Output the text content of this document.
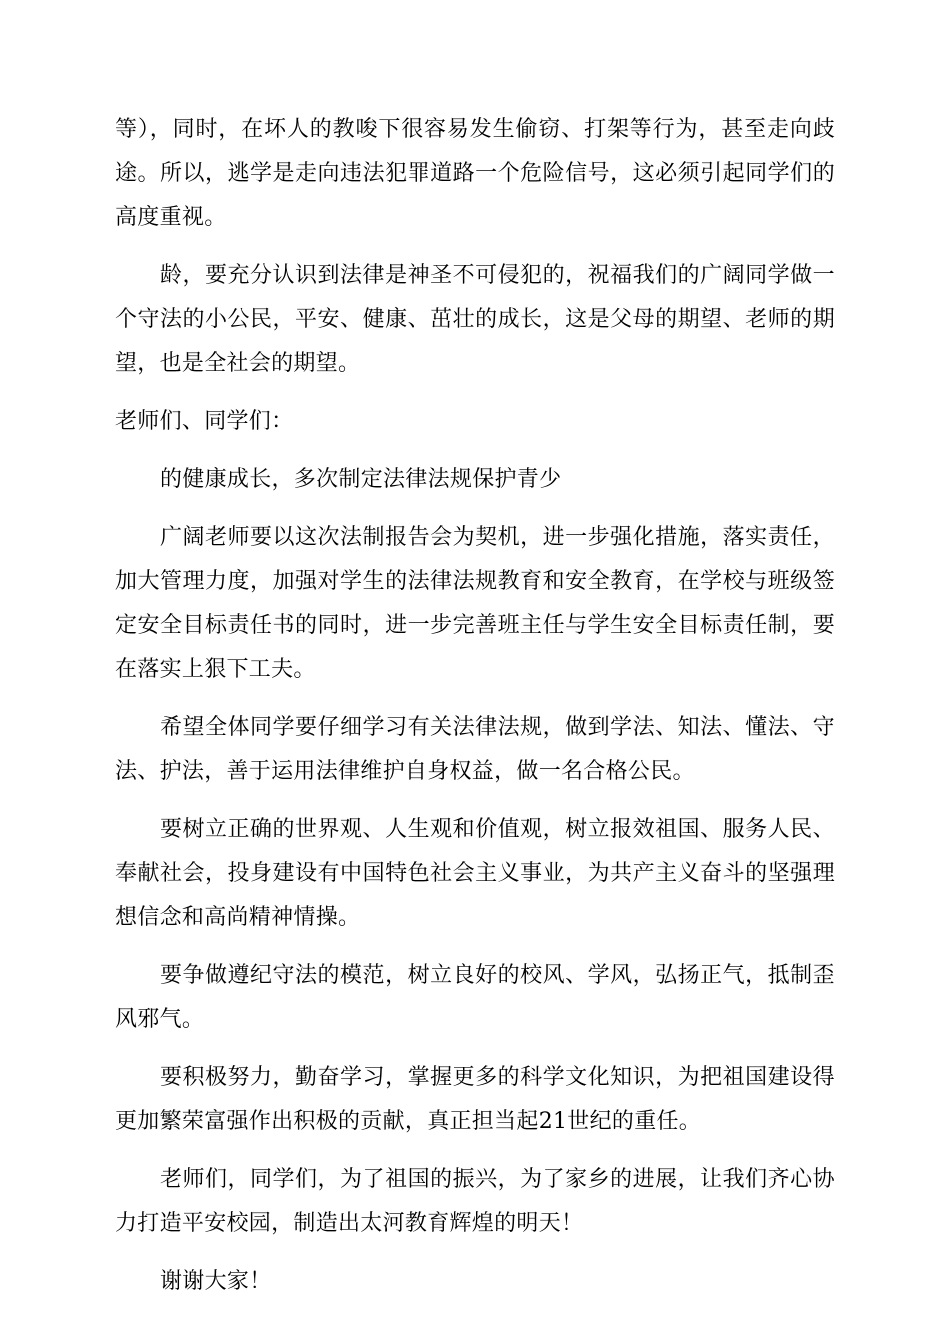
等），同时，在坏人的教唆下很容易发生偷窃、打架等行为，甚至走向歧途。所以，逃学是走向违法犯罪道路一个危险信号，这必须引起同学们的高度重视。

龄，要充分认识到法律是神圣不可侵犯的，祝福我们的广阔同学做一个守法的小公民，平安、健康、茁壮的成长，这是父母的期望、老师的期望，也是全社会的期望。

老师们、同学们：

的健康成长，多次制定法律法规保护青少

广阔老师要以这次法制报告会为契机，进一步强化措施，落实责任，加大管理力度，加强对学生的法律法规教育和安全教育，在学校与班级签定安全目标责任书的同时，进一步完善班主任与学生安全目标责任制，要在落实上狠下工夫。

希望全体同学要仔细学习有关法律法规，做到学法、知法、懂法、守法、护法，善于运用法律维护自身权益，做一名合格公民。

要树立正确的世界观、人生观和价值观，树立报效祖国、服务人民、奉献社会，投身建设有中国特色社会主义事业，为共产主义奋斗的坚强理想信念和高尚精神情操。

要争做遵纪守法的模范，树立良好的校风、学风，弘扬正气，抵制歪风邪气。

要积极努力，勤奋学习，掌握更多的科学文化知识，为把祖国建设得更加繁荣富强作出积极的贡献，真正担当起21世纪的重任。

老师们，同学们，为了祖国的振兴，为了家乡的进展，让我们齐心协力打造平安校园，制造出太河教育辉煌的明天！

谢谢大家！
